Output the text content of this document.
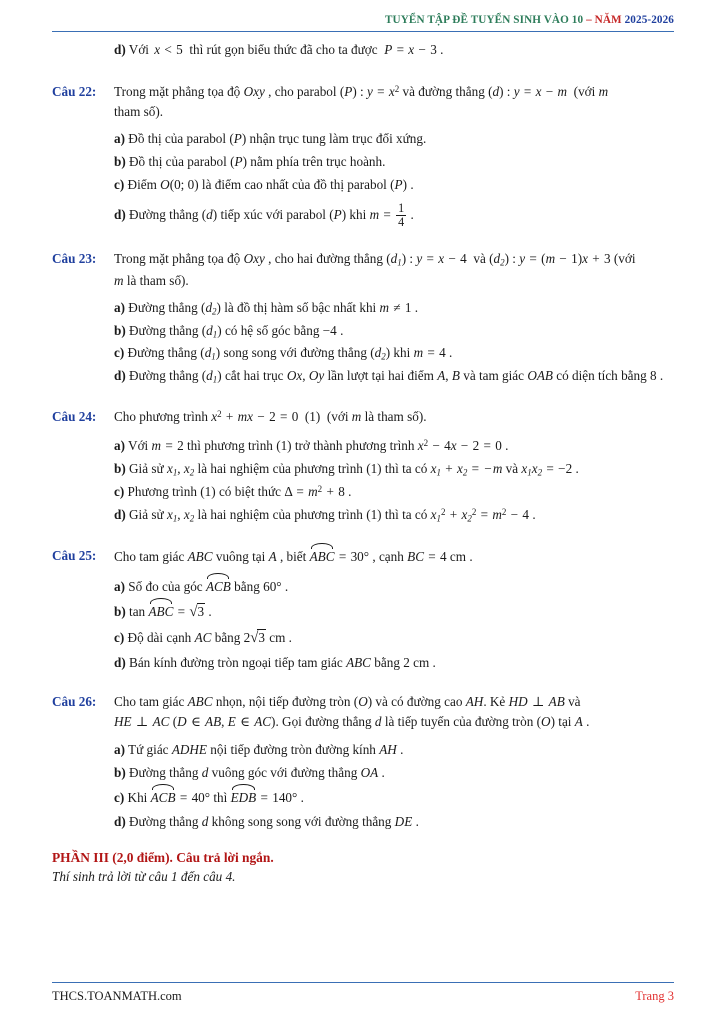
TUYỂN TẬP ĐỀ TUYỂN SINH VÀO 10 – NĂM 2025-2026
d) Với x < 5  thì rút gọn biểu thức đã cho ta được  P = x − 3 .
Câu 22:	Trong mặt phẳng tọa độ Oxy , cho parabol (P) : $y = x^2$ và đường thẳng (d) : y = x − m  (với m
tham số).
a) Đồ thị của parabol (P) nhận trục tung làm trục đối xứng.
b) Đồ thị của parabol (P) nằm phía trên trục hoành.
c) Điểm O(0; 0) là điểm cao nhất của đồ thị parabol (P) .
d) Đường thẳng (d) tiếp xúc với parabol (P) khi $m = \frac{1}{4}$ .
Câu 23:	Trong mặt phẳng tọa độ Oxy , cho hai đường thẳng $(d_1)$ : y = x − 4  và $(d_2)$ : y = (m − 1)x + 3 (với
m là tham số).
a) Đường thẳng $(d_2)$ là đồ thị hàm số bậc nhất khi m ≠ 1 .
b) Đường thẳng $(d_1)$ có hệ số góc bằng −4 .
c) Đường thẳng $(d_1)$ song song với đường thẳng $(d_2)$ khi m = 4 .
d) Đường thẳng $(d_1)$ cắt hai trục Ox, Oy lần lượt tại hai điểm A, B và tam giác OAB có diện tích bằng 8 .
Câu 24:	Cho phương trình $x^2$ + mx − 2 = 0  (1)  (với m là tham số).
a) Với m = 2 thì phương trình (1) trở thành phương trình $x^2 - 4x - 2 = 0$ .
b) Giả sử $x_1$, $x_2$ là hai nghiệm của phương trình (1) thì ta có $x_1 + x_2 = -m$ và $x_1x_2 = -2$ .
c) Phương trình (1) có biệt thức $\Delta = m^2 + 8$ .
d) Giả sử $x_1$, $x_2$ là hai nghiệm của phương trình (1) thì ta có $x_1^2 + x_2^2 = m^2 - 4$ .
Câu 25:	Cho tam giác ABC vuông tại A , biết ABC = 30° , cạnh BC = 4 cm .
a) Số đo của góc ACB bằng 60° .
b) tan ABC = √3 .
c) Độ dài cạnh AC bằng 2√3 cm .
d) Bán kính đường tròn ngoại tiếp tam giác ABC bằng 2 cm .
Câu 26:	Cho tam giác ABC nhọn, nội tiếp đường tròn (O) và có đường cao AH. Kẻ HD ⊥ AB và
HE ⊥ AC (D ∈ AB, E ∈ AC). Gọi đường thẳng d là tiếp tuyến của đường tròn (O) tại A .
a) Tứ giác ADHE nội tiếp đường tròn đường kính AH .
b) Đường thẳng d vuông góc với đường thẳng OA .
c) Khi ACB = 40° thì EDB = 140° .
d) Đường thẳng d không song song với đường thẳng DE .
PHẦN III (2,0 điểm). Câu trả lời ngắn.
Thí sinh trả lời từ câu 1 đến câu 4.
THCS.TOANMATH.com	Trang 3
